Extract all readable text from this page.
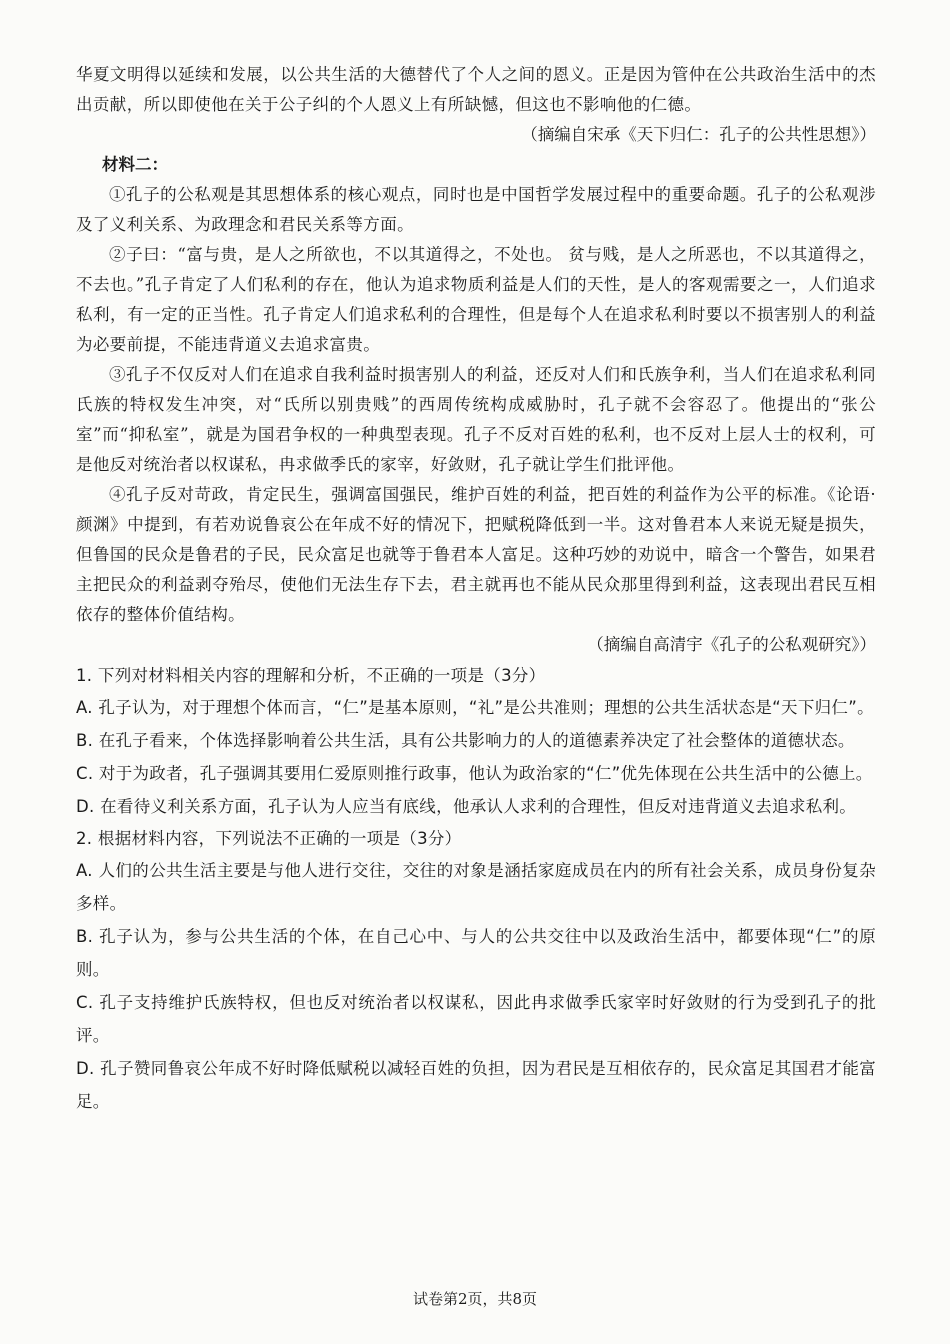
华夏文明得以延续和发展，以公共生活的大德替代了个人之间的恩义。正是因为管仲在公共政治生活中的杰出贡献，所以即使他在关于公子纠的个人恩义上有所缺憾，但这也不影响他的仁德。

（摘编自宋承《天下归仁：孔子的公共性思想》）

材料二：

①孔子的公私观是其思想体系的核心观点，同时也是中国哲学发展过程中的重要命题。孔子的公私观涉及了义利关系、为政理念和君民关系等方面。

②子曰：“富与贵，是人之所欲也，不以其道得之，不处也。 贫与贱，是人之所恶也，不以其道得之，不去也。”孔子肯定了人们私利的存在，他认为追求物质利益是人们的天性，是人的客观需要之一，人们追求私利，有一定的正当性。孔子肯定人们追求私利的合理性，但是每个人在追求私利时要以不损害别人的利益为必要前提，不能违背道义去追求富贵。

③孔子不仅反对人们在追求自我利益时损害别人的利益，还反对人们和氏族争利，当人们在追求私利同氏族的特权发生冲突，对“氏所以别贵贱”的西周传统构成威胁时，孔子就不会容忍了。他提出的“张公室”而“抑私室”，就是为国君争权的一种典型表现。孔子不反对百姓的私利，也不反对上层人士的权利，可是他反对统治者以权谋私，冉求做季氏的家宰，好敛财，孔子就让学生们批评他。

④孔子反对苛政，肯定民生，强调富国强民，维护百姓的利益，把百姓的利益作为公平的标准。《论语·颜渊》中提到，有若劝说鲁哀公在年成不好的情况下，把赋税降低到一半。这对鲁君本人来说无疑是损失，但鲁国的民众是鲁君的子民，民众富足也就等于鲁君本人富足。这种巧妙的劝说中，暗含一个警告，如果君主把民众的利益剥夺殆尽，使他们无法生存下去，君主就再也不能从民众那里得到利益，这表现出君民互相依存的整体价值结构。

（摘编自高清宇《孔子的公私观研究》）

1. 下列对材料相关内容的理解和分析，不正确的一项是（3分）

A. 孔子认为，对于理想个体而言，“仁”是基本原则，“礼”是公共准则；理想的公共生活状态是“天下归仁”。

B. 在孔子看来，个体选择影响着公共生活，具有公共影响力的人的道德素养决定了社会整体的道德状态。

C. 对于为政者，孔子强调其要用仁爱原则推行政事，他认为政治家的“仁”优先体现在公共生活中的公德上。

D. 在看待义利关系方面，孔子认为人应当有底线，他承认人求利的合理性，但反对违背道义去追求私利。

2. 根据材料内容，下列说法不正确的一项是（3分）

A. 人们的公共生活主要是与他人进行交往，交往的对象是涵括家庭成员在内的所有社会关系，成员身份复杂多样。

B. 孔子认为，参与公共生活的个体，在自己心中、与人的公共交往中以及政治生活中，都要体现“仁”的原则。

C. 孔子支持维护氏族特权，但也反对统治者以权谋私，因此冉求做季氏家宰时好敛财的行为受到孔子的批评。

D. 孔子赞同鲁哀公年成不好时降低赋税以减轻百姓的负担，因为君民是互相依存的，民众富足其国君才能富足。

试卷第2页，共8页
